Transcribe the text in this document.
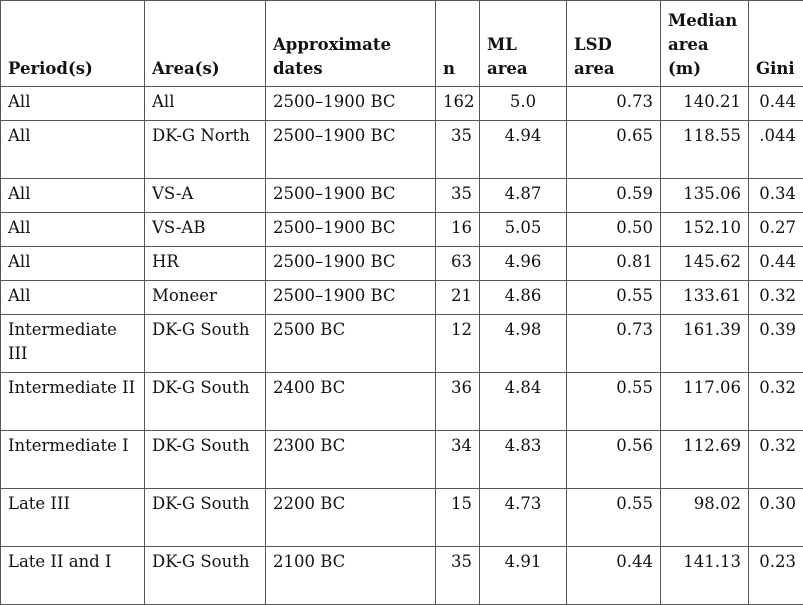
Period(s)	Area(s)	Approximate dates	n	ML area	LSD area	Median area (m)	Gini
All	All	2500–1900 BC	162	5.0	0.73	140.21	0.44
All	DK-G North	2500–1900 BC	35	4.94	0.65	118.55	.044
All	VS-A	2500–1900 BC	35	4.87	0.59	135.06	0.34
All	VS-AB	2500–1900 BC	16	5.05	0.50	152.10	0.27
All	HR	2500–1900 BC	63	4.96	0.81	145.62	0.44
All	Moneer	2500–1900 BC	21	4.86	0.55	133.61	0.32
Intermediate III	DK-G South	2500 BC	12	4.98	0.73	161.39	0.39
Intermediate II	DK-G South	2400 BC	36	4.84	0.55	117.06	0.32
Intermediate I	DK-G South	2300 BC	34	4.83	0.56	112.69	0.32
Late III	DK-G South	2200 BC	15	4.73	0.55	98.02	0.30
Late II and I	DK-G South	2100 BC	35	4.91	0.44	141.13	0.23
